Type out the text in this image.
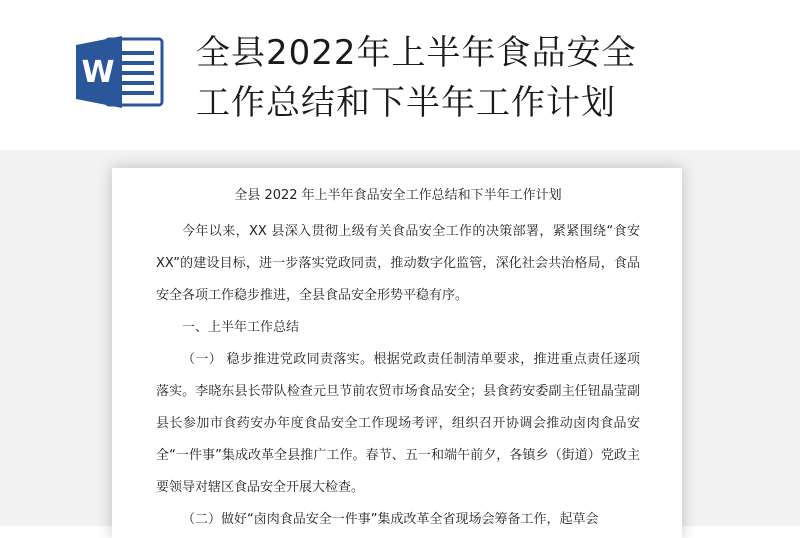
W 全县2022年上半年食品安全
工作总结和下半年工作计划
全县 2022 年上半年食品安全工作总结和下半年工作计划

今年以来，XX 县深入贯彻上级有关食品安全工作的决策部署，紧紧围绕“食安 XX”的建设目标，进一步落实党政同责，推动数字化监管，深化社会共治格局，食品安全各项工作稳步推进，全县食品安全形势平稳有序。

一、上半年工作总结

（一） 稳步推进党政同责落实。根据党政责任制清单要求，推进重点责任逐项落实。李晓东县长带队检查元旦节前农贸市场食品安全；县食药安委副主任钮晶莹副县长参加市食药安办年度食品安全工作现场考评，组织召开协调会推动卤肉食品安全“一件事”集成改革全县推广工作。春节、五一和端午前夕，各镇乡（街道）党政主要领导对辖区食品安全开展大检查。

（二）做好“卤肉食品安全一件事”集成改革全省现场会筹备工作，起草会
